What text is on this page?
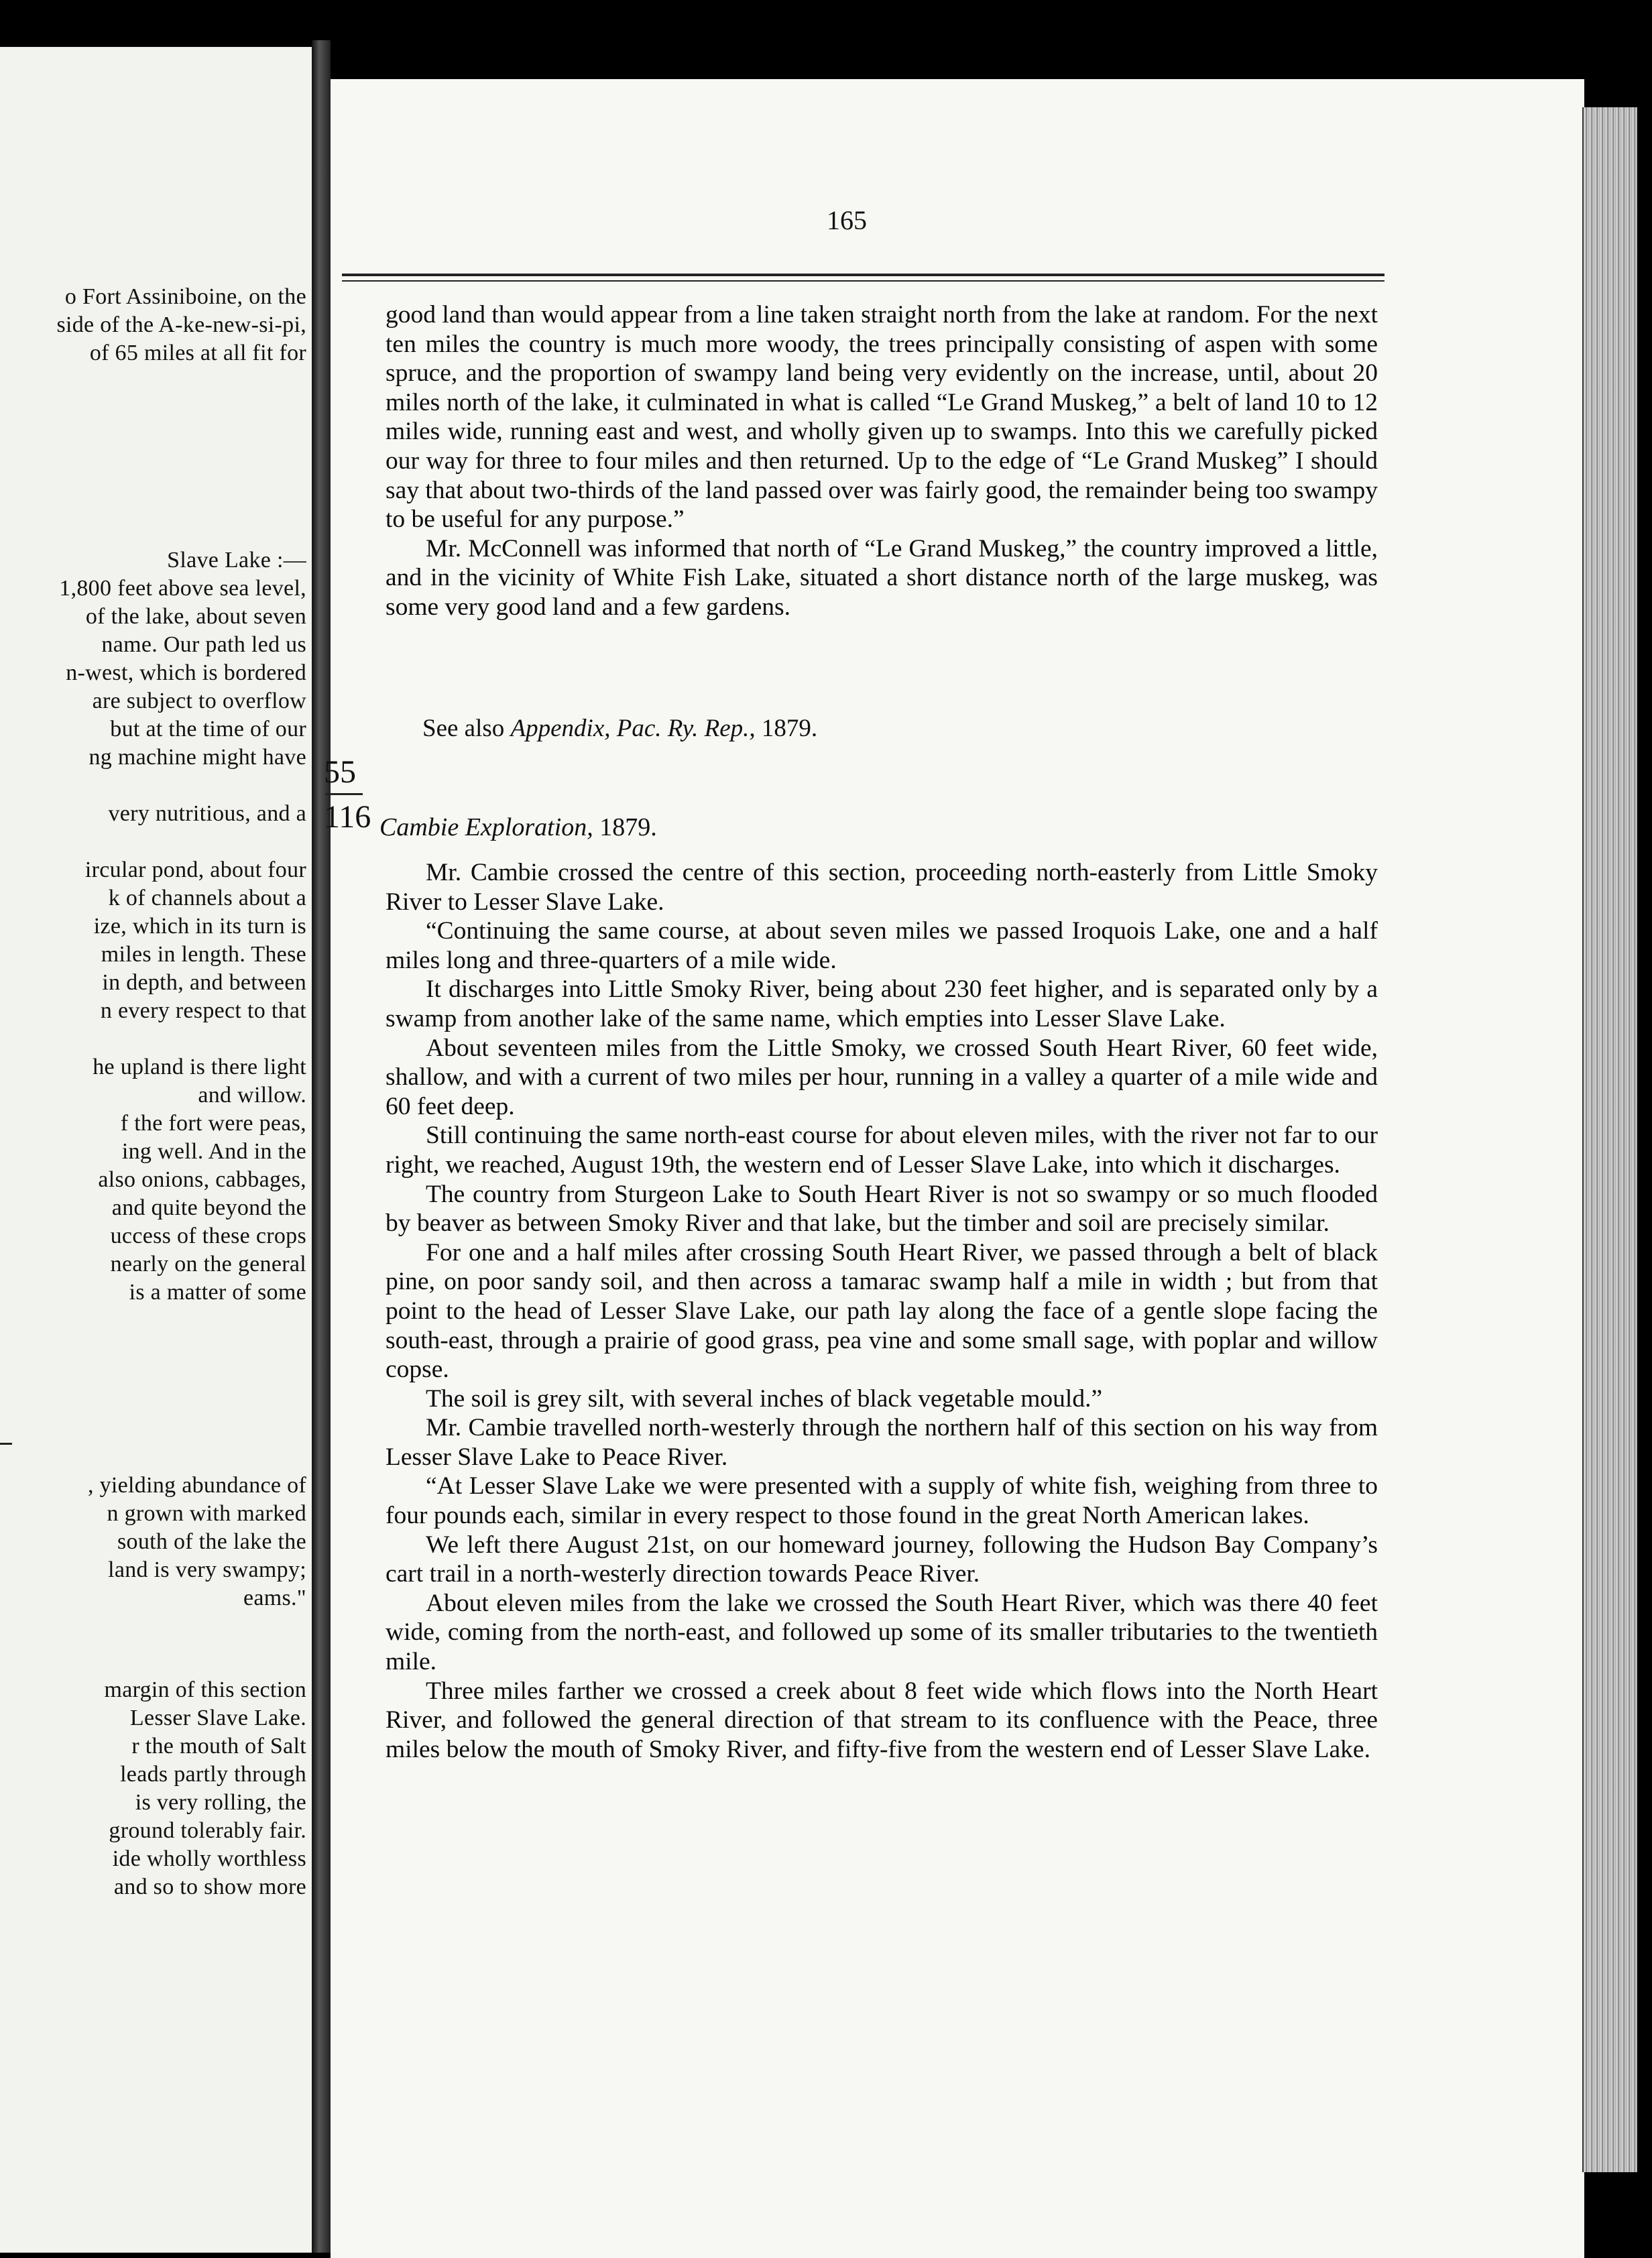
o Fort Assiniboine, on the
side of the A-ke-new-si-pi,
of 65 miles at all fit for
Slave Lake :—
1,800 feet above sea level,
of the lake, about seven
name. Our path led us
n-west, which is bordered
are subject to overflow
but at the time of our
ng machine might have
very nutritious, and a
ircular pond, about four
k of channels about a
ize, which in its turn is
miles in length. These
in depth, and between
n every respect to that
he upland is there light
and willow.
f the fort were peas,
ing well. And in the
also onions, cabbages,
and quite beyond the
uccess of these crops
nearly on the general
is a matter of some
, yielding abundance of
n grown with marked
south of the lake the
land is very swampy;
eams."
margin of this section
Lesser Slave Lake.
r the mouth of Salt
leads partly through
is very rolling, the
ground tolerably fair.
ide wholly worthless
and so to show more
165

good land than would appear from a line taken straight north from the lake at random. For the next ten miles the country is much more woody, the trees principally consisting of aspen with some spruce, and the proportion of swampy land being very evidently on the increase, until, about 20 miles north of the lake, it culminated in what is called “Le Grand Muskeg,” a belt of land 10 to 12 miles wide, running east and west, and wholly given up to swamps. Into this we carefully picked our way for three to four miles and then returned. Up to the edge of “Le Grand Muskeg” I should say that about two-thirds of the land passed over was fairly good, the remainder being too swampy to be useful for any purpose.”

Mr. McConnell was informed that north of “Le Grand Muskeg,” the country improved a little, and in the vicinity of White Fish Lake, situated a short distance north of the large muskeg, was some very good land and a few gardens.

See also Appendix, Pac. Ry. Rep., 1879.
55
116 Cambie Exploration, 1879.

Mr. Cambie crossed the centre of this section, proceeding north-easterly from Little Smoky River to Lesser Slave Lake.

“Continuing the same course, at about seven miles we passed Iroquois Lake, one and a half miles long and three-quarters of a mile wide.

It discharges into Little Smoky River, being about 230 feet higher, and is separated only by a swamp from another lake of the same name, which empties into Lesser Slave Lake.

About seventeen miles from the Little Smoky, we crossed South Heart River, 60 feet wide, shallow, and with a current of two miles per hour, running in a valley a quarter of a mile wide and 60 feet deep.

Still continuing the same north-east course for about eleven miles, with the river not far to our right, we reached, August 19th, the western end of Lesser Slave Lake, into which it discharges.

The country from Sturgeon Lake to South Heart River is not so swampy or so much flooded by beaver as between Smoky River and that lake, but the timber and soil are precisely similar.

For one and a half miles after crossing South Heart River, we passed through a belt of black pine, on poor sandy soil, and then across a tamarac swamp half a mile in width ; but from that point to the head of Lesser Slave Lake, our path lay along the face of a gentle slope facing the south-east, through a prairie of good grass, pea vine and some small sage, with poplar and willow copse.

The soil is grey silt, with several inches of black vegetable mould.”

Mr. Cambie travelled north-westerly through the northern half of this section on his way from Lesser Slave Lake to Peace River.

“At Lesser Slave Lake we were presented with a supply of white fish, weighing from three to four pounds each, similar in every respect to those found in the great North American lakes.

We left there August 21st, on our homeward journey, following the Hudson Bay Company’s cart trail in a north-westerly direction towards Peace River.

About eleven miles from the lake we crossed the South Heart River, which was there 40 feet wide, coming from the north-east, and followed up some of its smaller tributaries to the twentieth mile.

Three miles farther we crossed a creek about 8 feet wide which flows into the North Heart River, and followed the general direction of that stream to its confluence with the Peace, three miles below the mouth of Smoky River, and fifty-five from the western end of Lesser Slave Lake.
